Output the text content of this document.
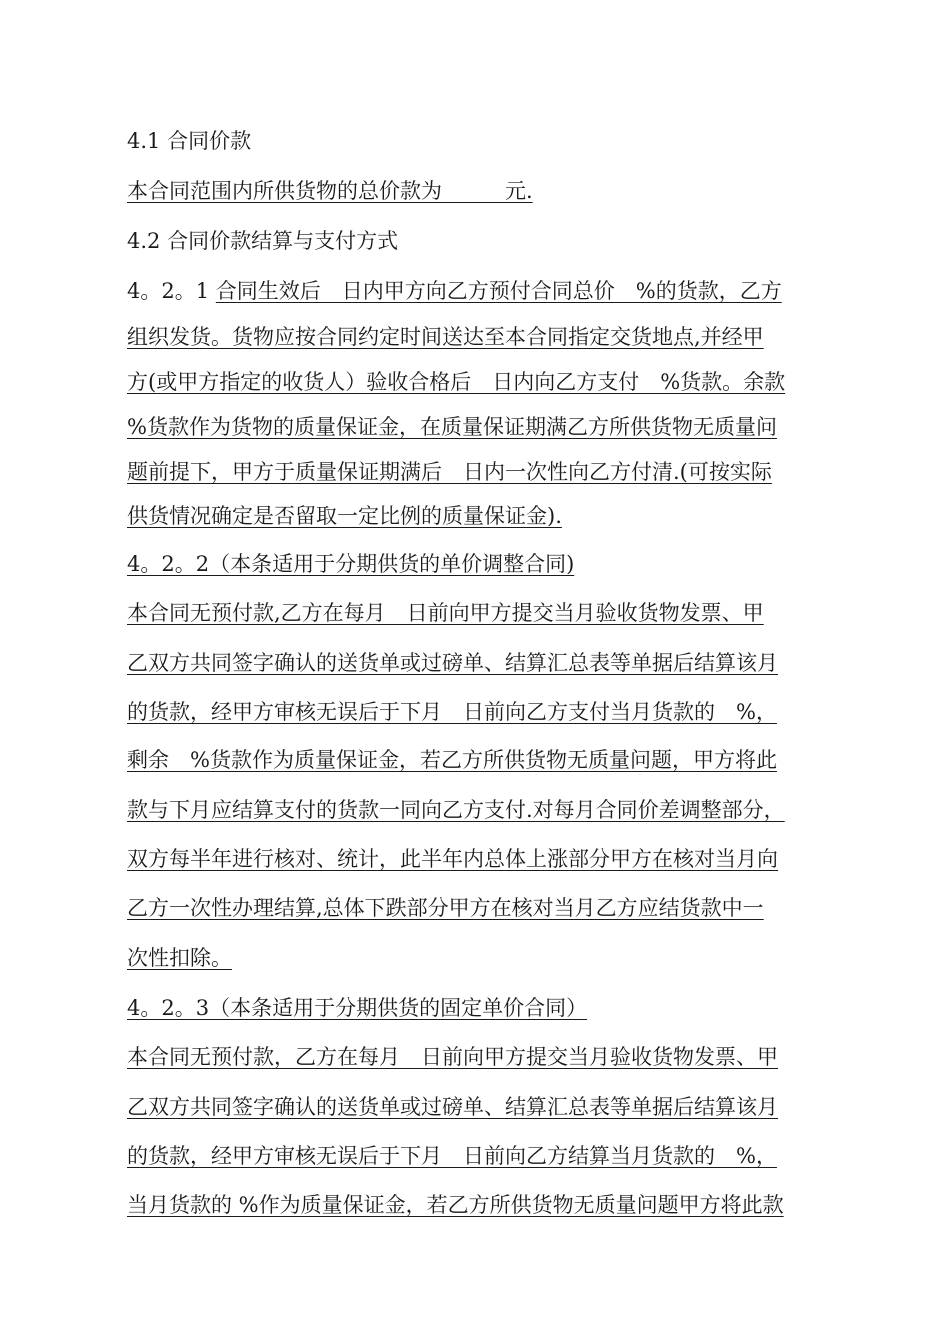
4.1 合同价款
本合同范围内所供货物的总价款为　　　元.
4.2 合同价款结算与支付方式
4。2。1 合同生效后　日内甲方向乙方预付合同总价　%的货款，乙方
组织发货。货物应按合同约定时间送达至本合同指定交货地点,并经甲
方(或甲方指定的收货人）验收合格后　日内向乙方支付　%货款。余款
%货款作为货物的质量保证金，在质量保证期满乙方所供货物无质量问
题前提下，甲方于质量保证期满后　日内一次性向乙方付清.(可按实际
供货情况确定是否留取一定比例的质量保证金).
4。2。2（本条适用于分期供货的单价调整合同)
本合同无预付款,乙方在每月　日前向甲方提交当月验收货物发票、甲
乙双方共同签字确认的送货单或过磅单、结算汇总表等单据后结算该月
的货款，经甲方审核无误后于下月　日前向乙方支付当月货款的　%，
剩余　%货款作为质量保证金，若乙方所供货物无质量问题，甲方将此
款与下月应结算支付的货款一同向乙方支付.对每月合同价差调整部分，
双方每半年进行核对、统计，此半年内总体上涨部分甲方在核对当月向
乙方一次性办理结算,总体下跌部分甲方在核对当月乙方应结货款中一
次性扣除。
4。2。3（本条适用于分期供货的固定单价合同）
本合同无预付款，乙方在每月　日前向甲方提交当月验收货物发票、甲
乙双方共同签字确认的送货单或过磅单、结算汇总表等单据后结算该月
的货款，经甲方审核无误后于下月　日前向乙方结算当月货款的　%，
当月货款的 %作为质量保证金，若乙方所供货物无质量问题甲方将此款
